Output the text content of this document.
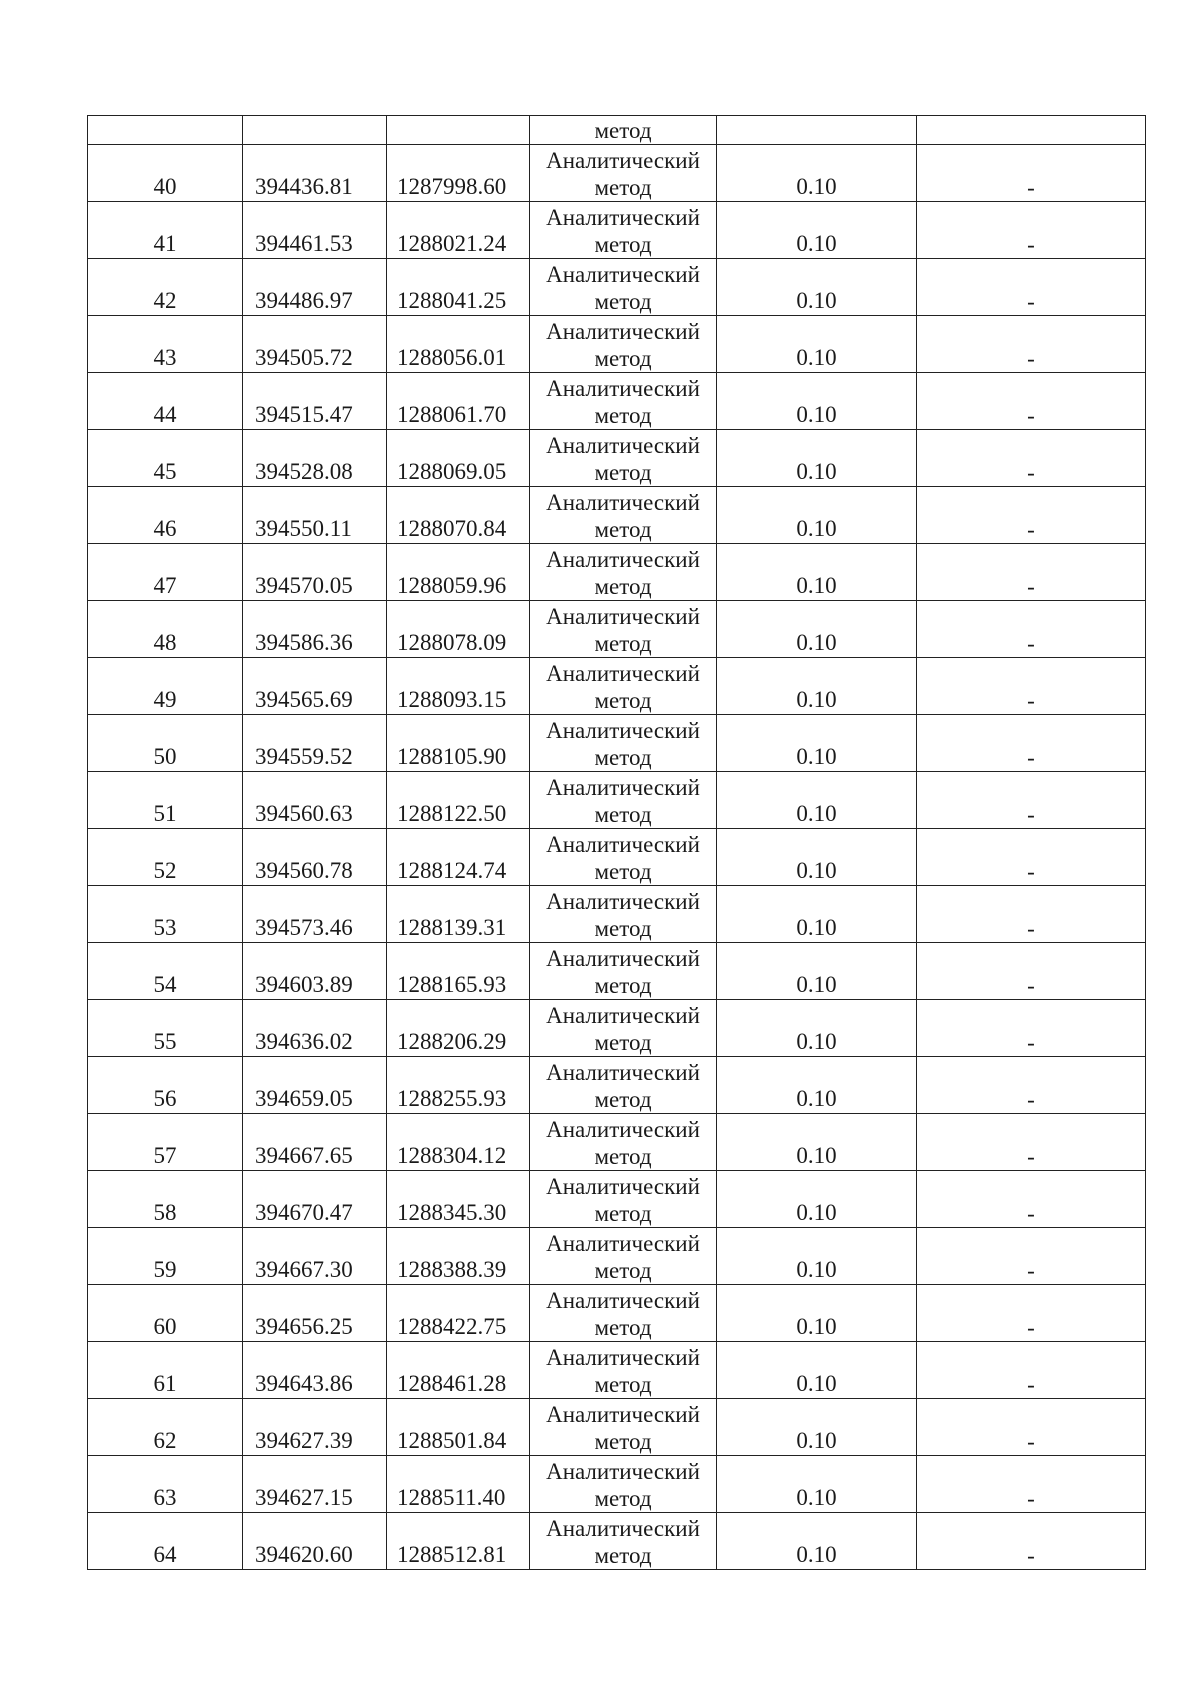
			метод		

40	394436.81	1287998.60	Аналитический
метод	0.10	-

41	394461.53	1288021.24	Аналитический
метод	0.10	-

42	394486.97	1288041.25	Аналитический
метод	0.10	-

43	394505.72	1288056.01	Аналитический
метод	0.10	-

44	394515.47	1288061.70	Аналитический
метод	0.10	-

45	394528.08	1288069.05	Аналитический
метод	0.10	-

46	394550.11	1288070.84	Аналитический
метод	0.10	-

47	394570.05	1288059.96	Аналитический
метод	0.10	-

48	394586.36	1288078.09	Аналитический
метод	0.10	-

49	394565.69	1288093.15	Аналитический
метод	0.10	-

50	394559.52	1288105.90	Аналитический
метод	0.10	-

51	394560.63	1288122.50	Аналитический
метод	0.10	-

52	394560.78	1288124.74	Аналитический
метод	0.10	-

53	394573.46	1288139.31	Аналитический
метод	0.10	-

54	394603.89	1288165.93	Аналитический
метод	0.10	-

55	394636.02	1288206.29	Аналитический
метод	0.10	-

56	394659.05	1288255.93	Аналитический
метод	0.10	-

57	394667.65	1288304.12	Аналитический
метод	0.10	-

58	394670.47	1288345.30	Аналитический
метод	0.10	-

59	394667.30	1288388.39	Аналитический
метод	0.10	-

60	394656.25	1288422.75	Аналитический
метод	0.10	-

61	394643.86	1288461.28	Аналитический
метод	0.10	-

62	394627.39	1288501.84	Аналитический
метод	0.10	-

63	394627.15	1288511.40	Аналитический
метод	0.10	-

64	394620.60	1288512.81	Аналитический
метод	0.10	-
